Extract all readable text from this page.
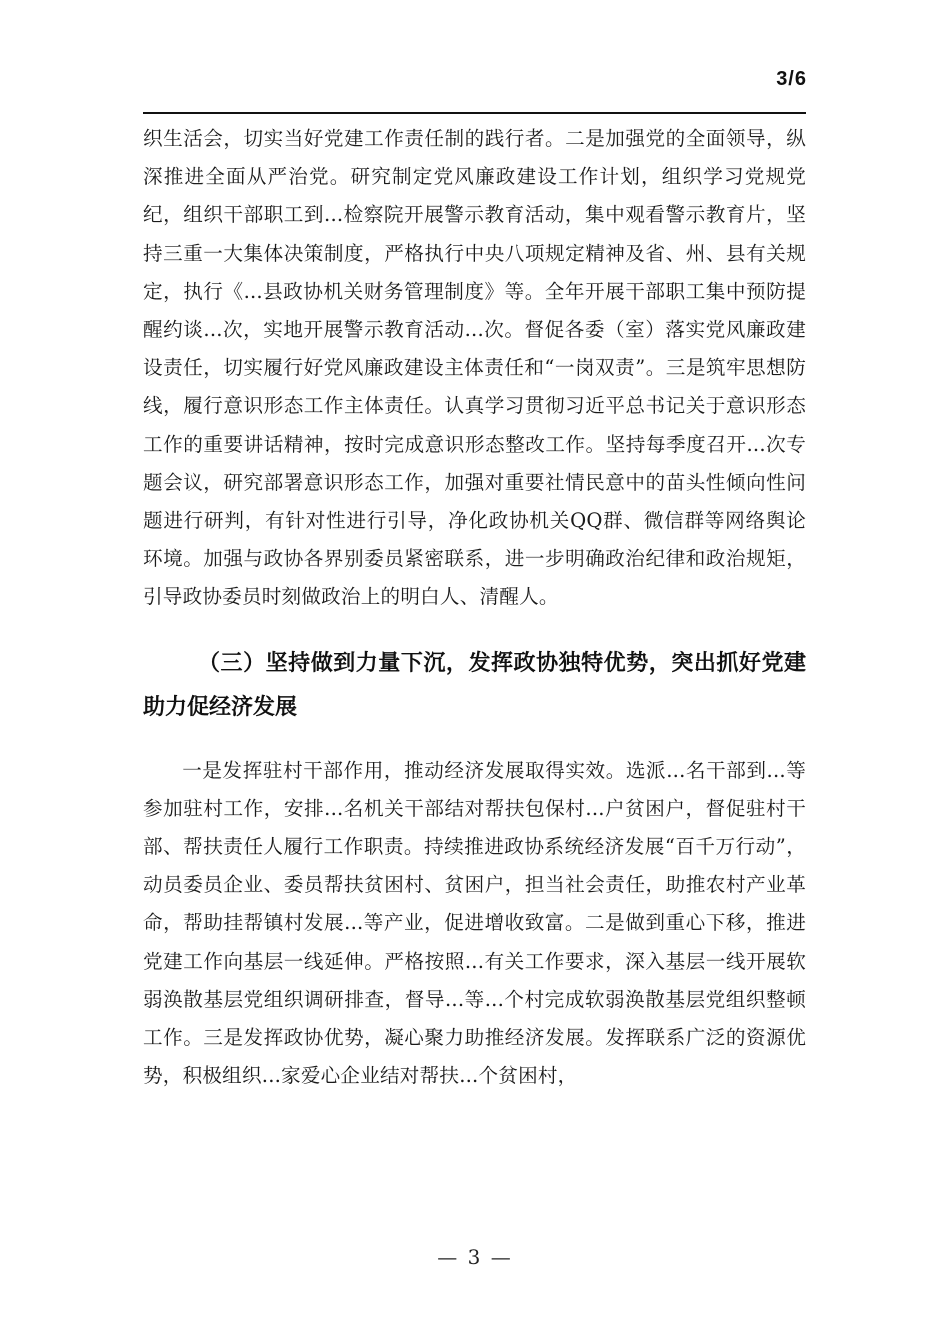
3/6

织生活会，切实当好党建工作责任制的践行者。二是加强党的全面领导，纵深推进全面从严治党。研究制定党风廉政建设工作计划，组织学习党规党纪，组织干部职工到...检察院开展警示教育活动，集中观看警示教育片，坚持三重一大集体决策制度，严格执行中央八项规定精神及省、州、县有关规定，执行《...县政协机关财务管理制度》等。全年开展干部职工集中预防提醒约谈...次，实地开展警示教育活动...次。督促各委（室）落实党风廉政建设责任，切实履行好党风廉政建设主体责任和“一岗双责”。三是筑牢思想防线，履行意识形态工作主体责任。认真学习贯彻习近平总书记关于意识形态工作的重要讲话精神，按时完成意识形态整改工作。坚持每季度召开...次专题会议，研究部署意识形态工作，加强对重要社情民意中的苗头性倾向性问题进行研判，有针对性进行引导，净化政协机关QQ群、微信群等网络舆论环境。加强与政协各界别委员紧密联系，进一步明确政治纪律和政治规矩，引导政协委员时刻做政治上的明白人、清醒人。

（三）坚持做到力量下沉，发挥政协独特优势，突出抓好党建助力促经济发展

一是发挥驻村干部作用，推动经济发展取得实效。选派...名干部到...等参加驻村工作，安排...名机关干部结对帮扶包保村...户贫困户，督促驻村干部、帮扶责任人履行工作职责。持续推进政协系统经济发展“百千万行动”，动员委员企业、委员帮扶贫困村、贫困户，担当社会责任，助推农村产业革命，帮助挂帮镇村发展...等产业，促进增收致富。二是做到重心下移，推进党建工作向基层一线延伸。严格按照...有关工作要求，深入基层一线开展软弱涣散基层党组织调研排查，督导...等...个村完成软弱涣散基层党组织整顿工作。三是发挥政协优势，凝心聚力助推经济发展。发挥联系广泛的资源优势，积极组织...家爱心企业结对帮扶...个贫困村，

— 3 —
